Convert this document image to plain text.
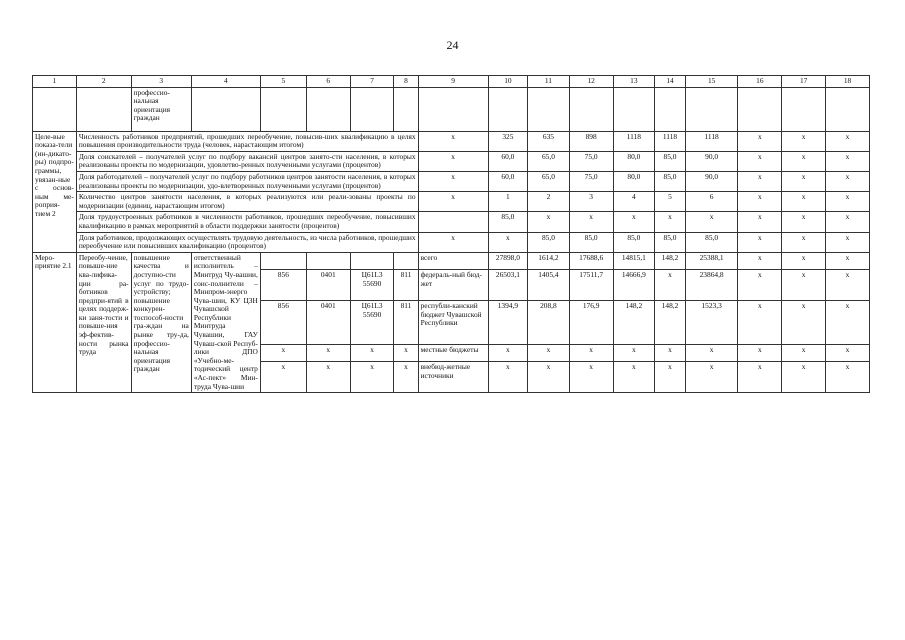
24
1	2	3	4	5	6	7	8	9	10	11	12	13	14	15	16	17	18
		профессио-нальная ориентация граждан															
Целе-вые показа-тели (ин-дикато-ры) подпро-граммы, увязан-ные с основ-ным ме-роприя-тием 2	Численность работников предприятий, прошедших переобучение, повысив-ших квалификацию в целях повышения производительности труда (человек, нарастающим итогом)							x	325	635	898	1118	1118	1118	x	x	x
	Доля соискателей – получателей услуг по подбору вакансий центров занято-сти населения, в которых реализованы проекты по модернизации, удовлетво-ренных полученными услугами (процентов)							x	60,0	65,0	75,0	80,0	85,0	90,0	x	x	x
	Доля работодателей – получателей услуг по подбору работников центров занятости населения, в которых реализованы проекты по модернизации, удо-влетворенных полученными услугами (процентов)							x	60,0	65,0	75,0	80,0	85,0	90,0	x	x	x
	Количество центров занятости населения, в которых реализуются или реали-зованы проекты по модернизации (единиц, нарастающим итогом)							x	1	2	3	4	5	6	x	x	x
	Доля трудоустроенных работников в численности работников, прошедших переобучение, повысивших квалификацию в рамках мероприятий в области поддержки занятости (процентов)								85,0	x	x	x	x	x	x	x	x
	Доля работников, продолжающих осуществлять трудовую деятельность, из числа работников, прошедших переобучение или повысивших квалификацию (процентов)							x	x	85,0	85,0	85,0	85,0	85,0	x	x	x
Меро-приятие 2.1	Переобу-чение, повыше-ние ква-лифика-ции ра-ботников предпри-ятий в целях поддерж-ки заня-тости и повыше-ния эф-фектив-ности рынка труда	повышение качества и доступно-сти услуг по трудо-устройству; повышение конкурен-тоспособ-ности гра-ждан на рынке тру-да, профессио-нальная ориентация граждан	ответственный исполнитель – Минтруд Чу-вашии, соис-полнители – Минпром-энерго Чува-шии, КУ ЦЗН Чувашской Республики Минтруда Чувашии, ГАУ Чуваш-ской Респуб-лики ДПО «Учебно-ме-тодический центр «Ас-пект» Мин-труда Чува-шии					всего	27898,0	1614,2	17688,6	14815,1	148,2	25388,1	x	x	x
				856	0401	Ц61L3 55690	811	федераль-ный бюд-жет	26503,1	1405,4	17511,7	14666,9	x	23864,8	x	x	x
				856	0401	Ц61L3 55690	811	республи-канский бюджет Чувашской Республики	1394,9	208,8	176,9	148,2	148,2	1523,3	x	x	x
				x	x	x	x	местные бюджеты	x	x	x	x	x	x	x	x	x
				x	x	x	x	внебюд-жетные источники	x	x	x	x	x	x	x	x	x
